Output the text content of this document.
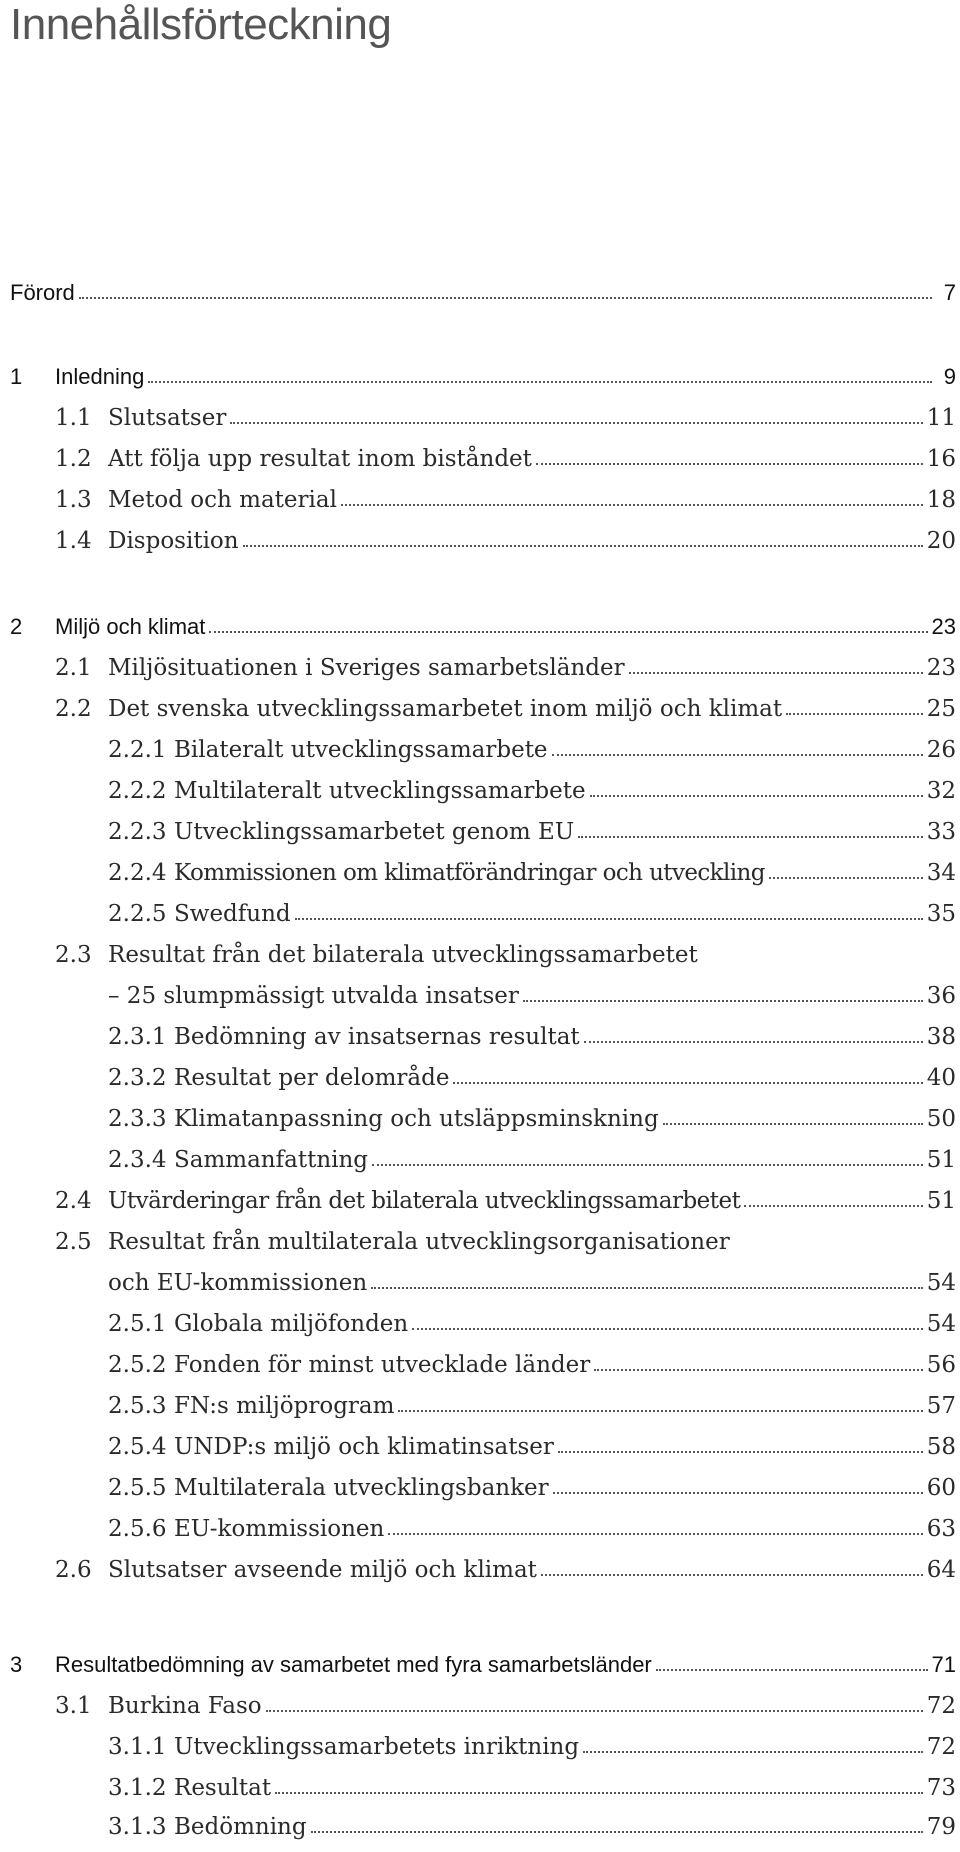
Innehållsförteckning
Förord	7
1 Inledning	9
1.1 Slutsatser	11
1.2 Att följa upp resultat inom biståndet	16
1.3 Metod och material	18
1.4 Disposition	20
2 Miljö och klimat	23
2.1 Miljösituationen i Sveriges samarbetsländer	23
2.2 Det svenska utvecklingssamarbetet inom miljö och klimat	25
2.2.1 Bilateralt utvecklingssamarbete	26
2.2.2 Multilateralt utvecklingssamarbete	32
2.2.3 Utvecklingssamarbetet genom EU	33
2.2.4 Kommissionen om klimatförändringar och utveckling	34
2.2.5 Swedfund	35
2.3 Resultat från det bilaterala utvecklingssamarbetet
– 25 slumpmässigt utvalda insatser	36
2.3.1 Bedömning av insatsernas resultat	38
2.3.2 Resultat per delområde	40
2.3.3 Klimatanpassning och utsläppsminskning	50
2.3.4 Sammanfattning	51
2.4 Utvärderingar från det bilaterala utvecklingssamarbetet	51
2.5 Resultat från multilaterala utvecklingsorganisationer
och EU-kommissionen	54
2.5.1 Globala miljöfonden	54
2.5.2 Fonden för minst utvecklade länder	56
2.5.3 FN:s miljöprogram	57
2.5.4 UNDP:s miljö och klimatinsatser	58
2.5.5 Multilaterala utvecklingsbanker	60
2.5.6 EU-kommissionen	63
2.6 Slutsatser avseende miljö och klimat	64
3 Resultatbedömning av samarbetet med fyra samarbetsländer	71
3.1 Burkina Faso	72
3.1.1 Utvecklingssamarbetets inriktning	72
3.1.2 Resultat	73
3.1.3 Bedömning	79
